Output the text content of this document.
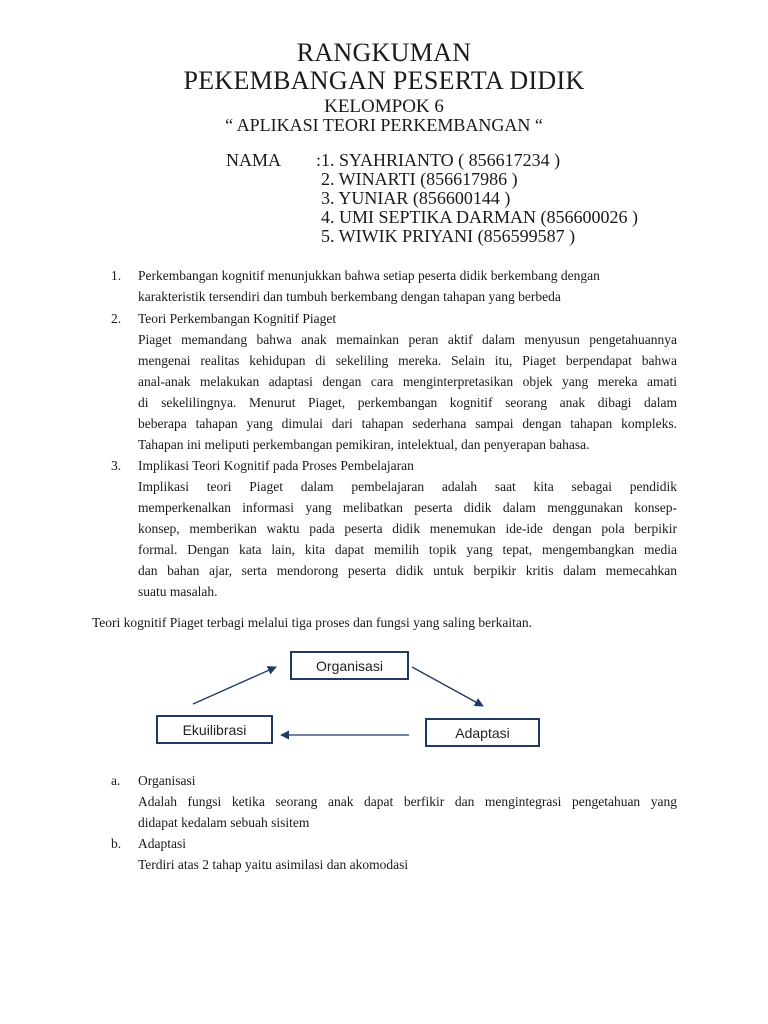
RANGKUMAN
PEKEMBANGAN PESERTA DIDIK
KELOMPOK 6
“ APLIKASI TEORI PERKEMBANGAN “
NAMA :1. SYAHRIANTO ( 856617234 )
2. WINARTI (856617986 )
3. YUNIAR (856600144 )
4. UMI SEPTIKA DARMAN (856600026 )
5. WIWIK PRIYANI (856599587 )
1. Perkembangan kognitif menunjukkan bahwa setiap peserta didik berkembang dengan
karakteristik tersendiri dan tumbuh berkembang dengan tahapan yang berbeda
2. Teori Perkembangan Kognitif Piaget
Piaget memandang bahwa anak memainkan peran aktif dalam menyusun pengetahuannya
mengenai realitas kehidupan di sekeliling mereka. Selain itu, Piaget berpendapat bahwa
anal-anak melakukan adaptasi dengan cara menginterpretasikan objek yang mereka amati
di sekelilingnya. Menurut Piaget, perkembangan kognitif seorang anak dibagi dalam
beberapa tahapan yang dimulai dari tahapan sederhana sampai dengan tahapan kompleks.
Tahapan ini meliputi perkembangan pemikiran, intelektual, dan penyerapan bahasa.
3. Implikasi Teori Kognitif pada Proses Pembelajaran
Implikasi teori Piaget dalam pembelajaran adalah saat kita sebagai pendidik
memperkenalkan informasi yang melibatkan peserta didik dalam menggunakan konsep-
konsep, memberikan waktu pada peserta didik menemukan ide-ide dengan pola berpikir
formal. Dengan kata lain, kita dapat memilih topik yang tepat, mengembangkan media
dan bahan ajar, serta mendorong peserta didik untuk berpikir kritis dalam memecahkan
suatu masalah.
Teori kognitif Piaget terbagi melalui tiga proses dan fungsi yang saling berkaitan.
Organisasi
Adaptasi
Ekuilibrasi
a. Organisasi
Adalah fungsi ketika seorang anak dapat berfikir dan mengintegrasi pengetahuan yang
didapat kedalam sebuah sisitem
b. Adaptasi
Terdiri atas 2 tahap yaitu asimilasi dan akomodasi
